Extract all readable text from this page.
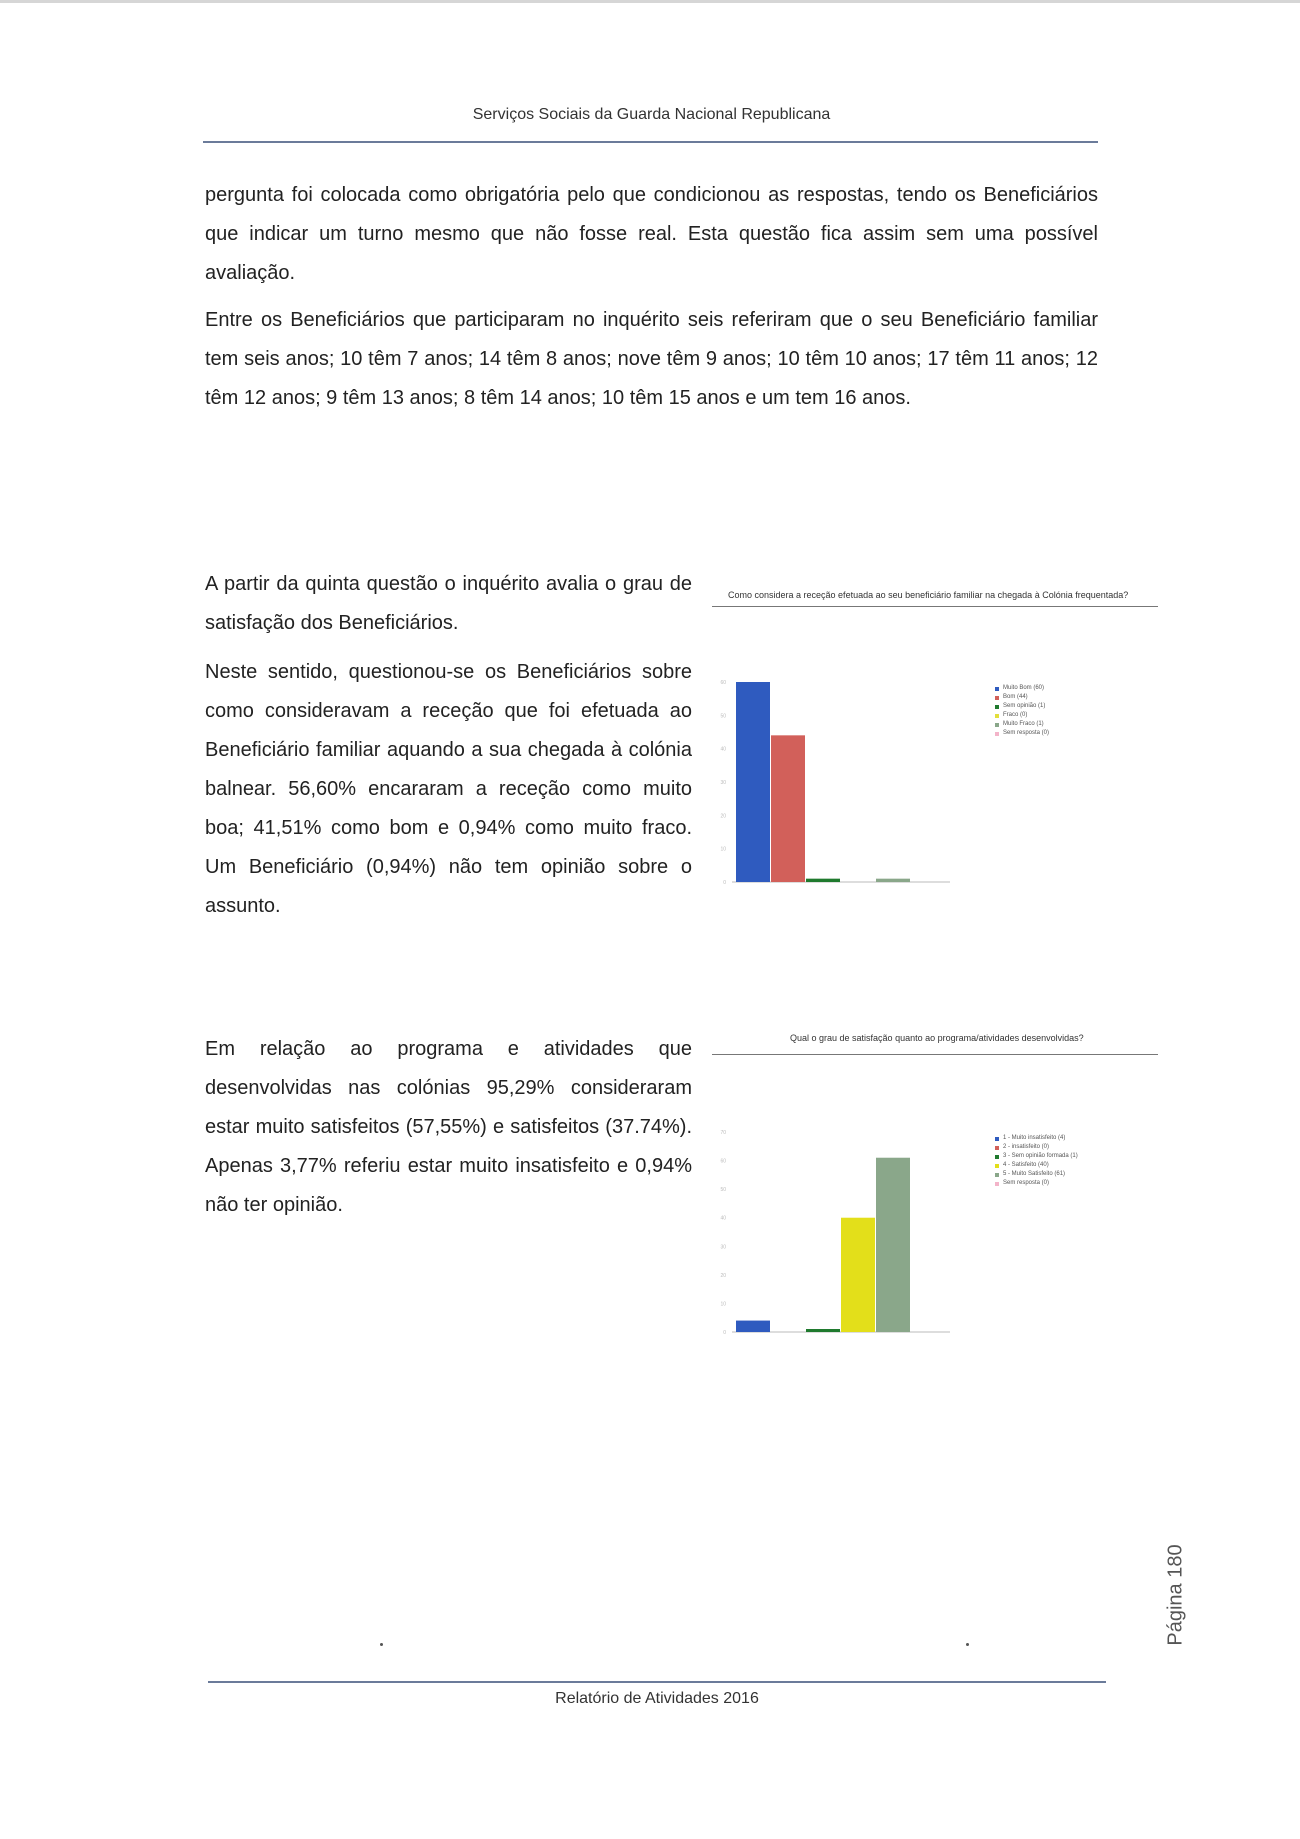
Serviços Sociais da Guarda Nacional Republicana

pergunta foi colocada como obrigatória pelo que condicionou as respostas, tendo os Beneficiários que indicar um turno mesmo que não fosse real. Esta questão fica assim sem uma possível avaliação.

Entre os Beneficiários que participaram no inquérito seis referiram que o seu Beneficiário familiar tem seis anos; 10 têm 7 anos; 14 têm 8 anos; nove têm 9 anos; 10 têm 10 anos; 17 têm 11 anos; 12 têm 12 anos; 9 têm 13 anos; 8 têm 14 anos; 10 têm 15 anos e um tem 16 anos.

A partir da quinta questão o inquérito avalia o grau de satisfação dos Beneficiários.

Neste sentido, questionou-se os Beneficiários sobre como consideravam a receção que foi efetuada ao Beneficiário familiar aquando a sua chegada à colónia balnear. 56,60% encararam a receção como muito boa; 41,51% como bom e 0,94% como muito fraco. Um Beneficiário (0,94%) não tem opinião sobre o assunto.

Em relação ao programa e atividades que desenvolvidas nas colónias 95,29% consideraram estar muito satisfeitos (57,55%) e satisfeitos (37.74%). Apenas 3,77% referiu estar muito insatisfeito e 0,94% não ter opinião.

Como considera a receção efetuada ao seu beneficiário familiar na chegada à Colónia frequentada?
60
50
40
30
20
10
0
Muito Bom (60)
Bom (44)
Sem opinião (1)
Fraco (0)
Muito Fraco (1)
Sem resposta (0)
Qual o grau de satisfação quanto ao programa/atividades desenvolvidas?
70
60
50
40
30
20
10
0
1 - Muito insatisfeito (4)
2 - insatisfeito (0)
3 - Sem opinião formada (1)
4 - Satisfeito (40)
5 - Muito Satisfeito (61)
Sem resposta (0)
Página 180
Relatório de Atividades 2016
